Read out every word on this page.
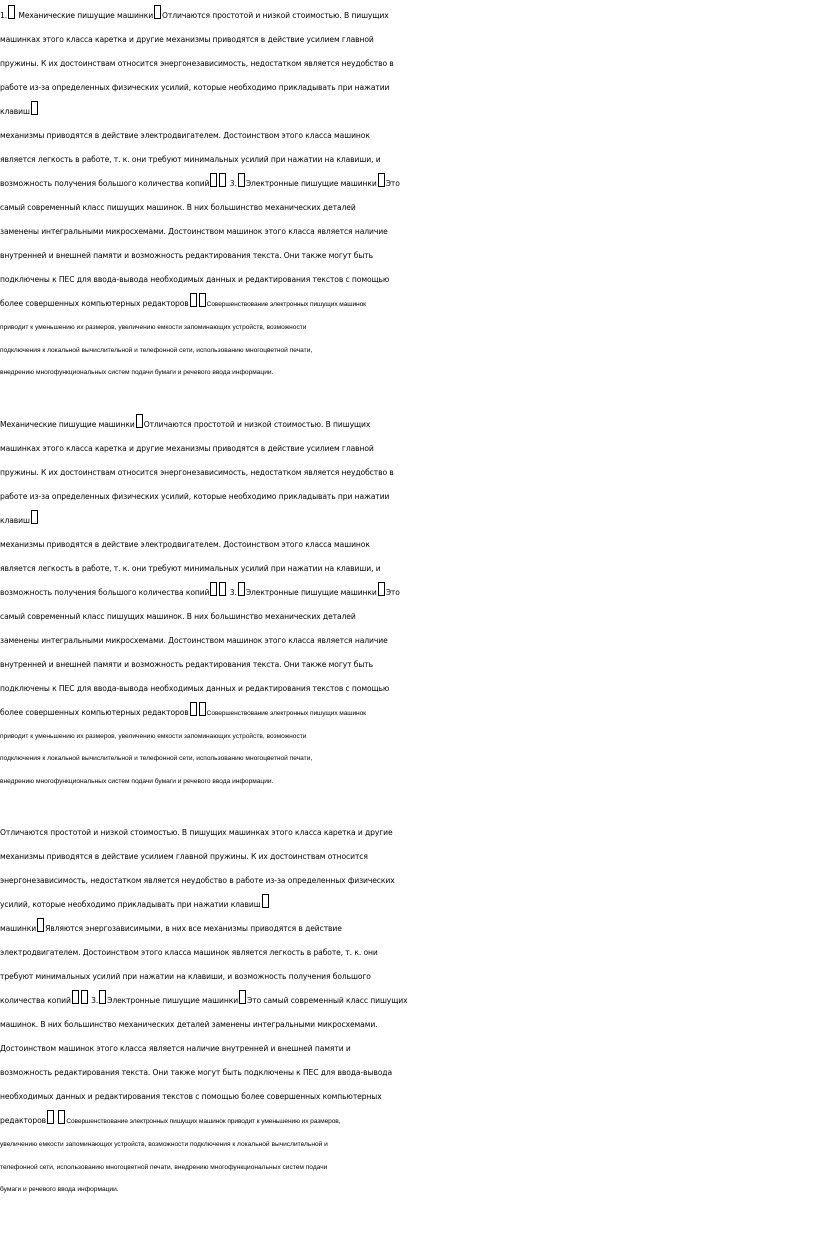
1. Механические пишущие машинки Отличаются простотой и низкой стоимостью. В пишущих
машинках этого класса каретка и другие механизмы приводятся в действие усилием главной
пружины. К их достоинствам относится энергонезависимость, недостатком является неудобство в
работе из-за определенных физических усилий, которые необходимо прикладывать при нажатии
клавиш
механизмы приводятся в действие электродвигателем. Достоинством этого класса машинок
является легкость в работе, т. к. они требуют минимальных усилий при нажатии на клавиши, и
возможность получения большого количества копий 3. Электронные пишущие машинки Это
самый современный класс пишущих машинок. В них большинство механических деталей
заменены интегральными микросхемами. Достоинством машинок этого класса является наличие
внутренней и внешней памяти и возможность редактирования текста. Они также могут быть
подключены к ПЕС для ввода-вывода необходимых данных и редактирования текстов с помощью
более совершенных компьютерных редакторов	Совершенствование электронных пишущих машинок
приводит к уменьшению их размеров, увеличению емкости запоминающих устройств, возможности
подключения к локальной вычислительной и телефонной сети, использованию многоцветной печати,
внедрению многофункциональных систем подачи бумаги и речевого ввода информации.
Механические пишущие машинки Отличаются простотой и низкой стоимостью. В пишущих
машинках этого класса каретка и другие механизмы приводятся в действие усилием главной
пружины. К их достоинствам относится энергонезависимость, недостатком является неудобство в
работе из-за определенных физических усилий, которые необходимо прикладывать при нажатии
клавиш
механизмы приводятся в действие электродвигателем. Достоинством этого класса машинок
является легкость в работе, т. к. они требуют минимальных усилий при нажатии на клавиши, и
возможность получения большого количества копий 3. Электронные пишущие машинки Это
самый современный класс пишущих машинок. В них большинство механических деталей
заменены интегральными микросхемами. Достоинством машинок этого класса является наличие
внутренней и внешней памяти и возможность редактирования текста. Они также могут быть
подключены к ПЕС для ввода-вывода необходимых данных и редактирования текстов с помощью
более совершенных компьютерных редакторов	Совершенствование электронных пишущих машинок
приводит к уменьшению их размеров, увеличению емкости запоминающих устройств, возможности
подключения к локальной вычислительной и телефонной сети, использованию многоцветной печати,
внедрению многофункциональных систем подачи бумаги и речевого ввода информации.
Отличаются простотой и низкой стоимостью. В пишущих машинках этого класса каретка и другие
механизмы приводятся в действие усилием главной пружины. К их достоинствам относится
энергонезависимость, недостатком является неудобство в работе из-за определенных физических
усилий, которые необходимо прикладывать при нажатии клавиш
машинки Являются энергозависимыми, в них все механизмы приводятся в действие
электродвигателем. Достоинством этого класса машинок является легкость в работе, т. к. они
требуют минимальных усилий при нажатии на клавиши, и возможность получения большого
количества копий 3. Электронные пишущие машинки Это самый современный класс пишущих
машинок. В них большинство механических деталей заменены интегральными микросхемами.
Достоинством машинок этого класса является наличие внутренней и внешней памяти и
возможность редактирования текста. Они также могут быть подключены к ПЕС для ввода-вывода
необходимых данных и редактирования текстов с помощью более совершенных компьютерных
редакторов	Совершенствование электронных пишущих машинок приводит к уменьшению их размеров,
увеличению емкости запоминающих устройств, возможности подключения к локальной вычислительной и
телефонной сети, использованию многоцветной печати, внедрению многофункциональных систем подачи
бумаги и речевого ввода информации.
